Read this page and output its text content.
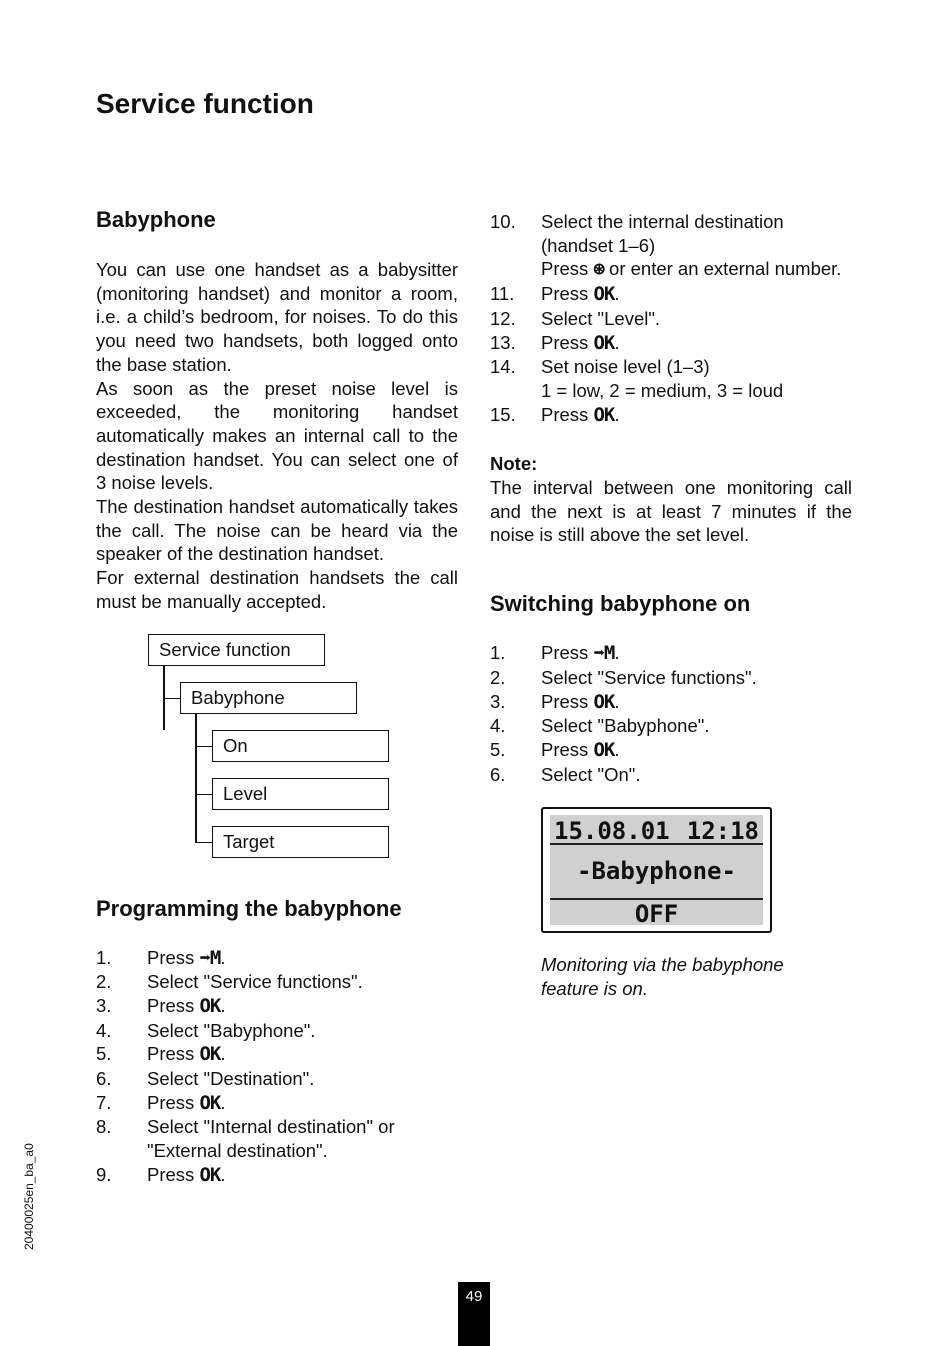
Service function
Babyphone

You can use one handset as a babysitter (monitoring handset) and monitor a room, i.e. a child’s bedroom, for noises. To do this you need two handsets, both logged onto the base station.

As soon as the preset noise level is exceeded, the monitoring handset automatically makes an internal call to the destination handset. You can select one of 3 noise levels.

The destination handset automatically takes the call. The noise can be heard via the speaker of the destination handset.

For external destination handsets the call must be manually accepted.

Service function
Babyphone
On
Level
Target
Programming the babyphone
1. Press ➡M.
2. Select "Service functions".
3. Press OK.
4. Select "Babyphone".
5. Press OK.
6. Select "Destination".
7. Press OK.
8. Select "Internal destination" or
"External destination".
9. Press OK.
10. Select the internal destination
(handset 1–6)
Press ⊛ or enter an external number.
11. Press OK.
12. Select "Level".
13. Press OK.
14. Set noise level (1–3)
1 = low, 2 = medium, 3 = loud
15. Press OK.

Note:

The interval between one monitoring call and the next is at least 7 minutes if the noise is still above the set level.

Switching babyphone on
1. Press ➡M.
2. Select "Service functions".
3. Press OK.
4. Select "Babyphone".
5. Press OK.
6. Select "On".
15.08.01 12:18
-Babyphone-
OFF
Monitoring via the babyphone
feature is on.
20400025en_ba_a0
49
